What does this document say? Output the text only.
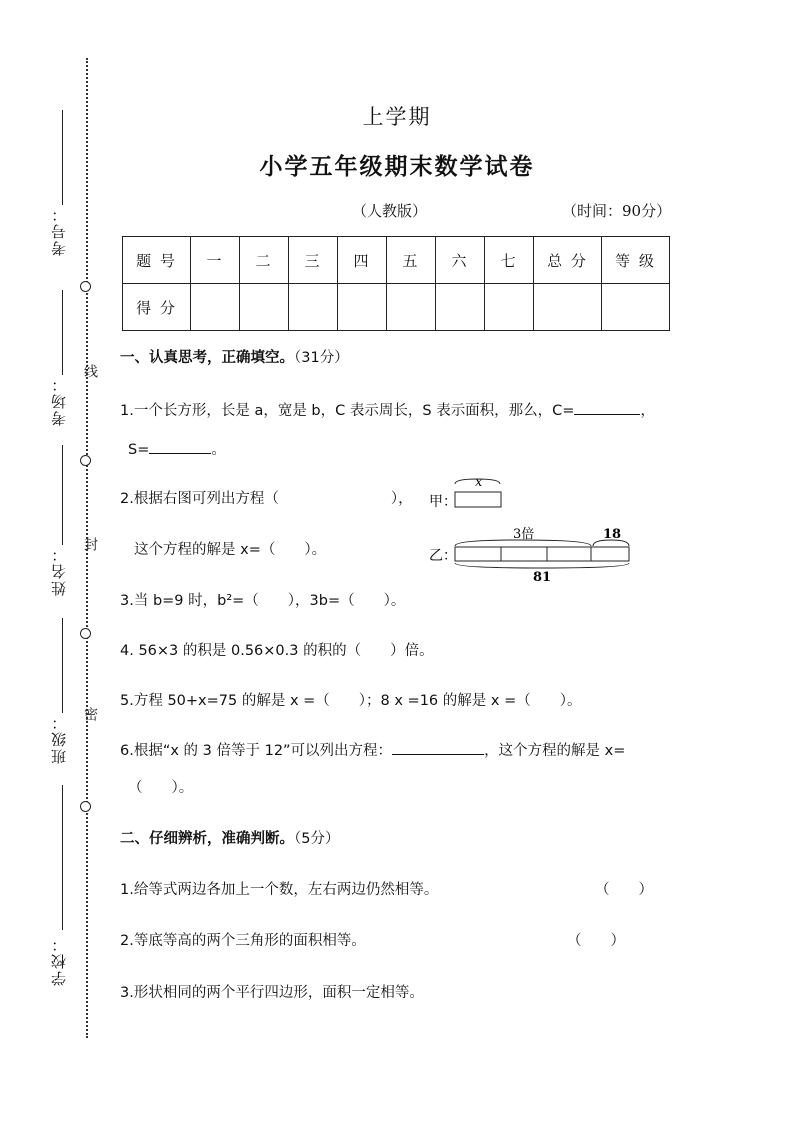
考号：
考场：
线
姓名：
封
班级： 密
学校：
上学期
小学五年级期末数学试卷
（人教版）	（时间：90分）
题 号	一	二	三	四	五	六	七	总 分	等 级
得 分									
一、认真思考，正确填空。（31分）
1.一个长方形，长是 a，宽是 b，C 表示周长，S 表示面积，那么，C=	，
S=	。
2.根据右图可列出方程（	），
这个方程的解是 x=（　　）。
甲：
x
3倍	18
乙：
81
3.当 b=9 时，b²=（　　），3b=（　　）。
4. 56×3 的积是 0.56×0.3 的积的（　　）倍。
5.方程 50+x=75 的解是 x =（　　）；8 x =16 的解是 x =（　　）。
6.根据“x 的 3 倍等于 12”可以列出方程：	，这个方程的解是 x=
（　　）。
二、仔细辨析，准确判断。（5分）
1.给等式两边各加上一个数，左右两边仍然相等。	（　　）
2.等底等高的两个三角形的面积相等。	（　　）
3.形状相同的两个平行四边形，面积一定相等。
